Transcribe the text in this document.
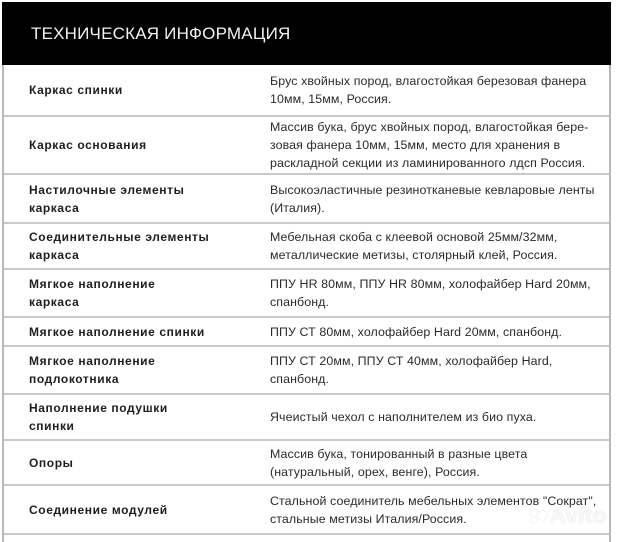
ТЕХНИЧЕСКАЯ ИНФОРМАЦИЯ
Каркас спинки
Брус хвойных пород, влагостойкая березовая фанера 10мм, 15мм, Россия.
Каркас основания
Массив бука, брус хвойных пород, влагостойкая бере-зовая фанера 10мм, 15мм, место для хранения в раскладной секции из ламинированного лдсп Россия.
Настилочные элементы каркаса
Высокоэластичные резинотканевые кевларовые ленты (Италия).
Соединительные элементы каркаса
Мебельная скоба с клеевой основой 25мм/32мм, металлические метизы, столярный клей, Россия.
Мягкое наполнение каркаса
ППУ HR 80мм, ППУ HR 80мм, холофайбер Hard 20мм, спанбонд.
Мягкое наполнение спинки	ППУ СТ 80мм, холофайбер Hard 20мм, спанбонд.
Мягкое наполнение подлокотника
ППУ СТ 20мм, ППУ СТ 40мм, холофайбер Hard, спанбонд.
Наполнение подушки спинки
Ячеистый чехол с наполнителем из био пуха.
Опоры
Массив бука, тонированный в разные цвета (натуральный, орех, венге), Россия.
Соединение модулей
Стальной соединитель мебельных элементов "Сократ", стальные метизы Италия/Россия.	Avito
